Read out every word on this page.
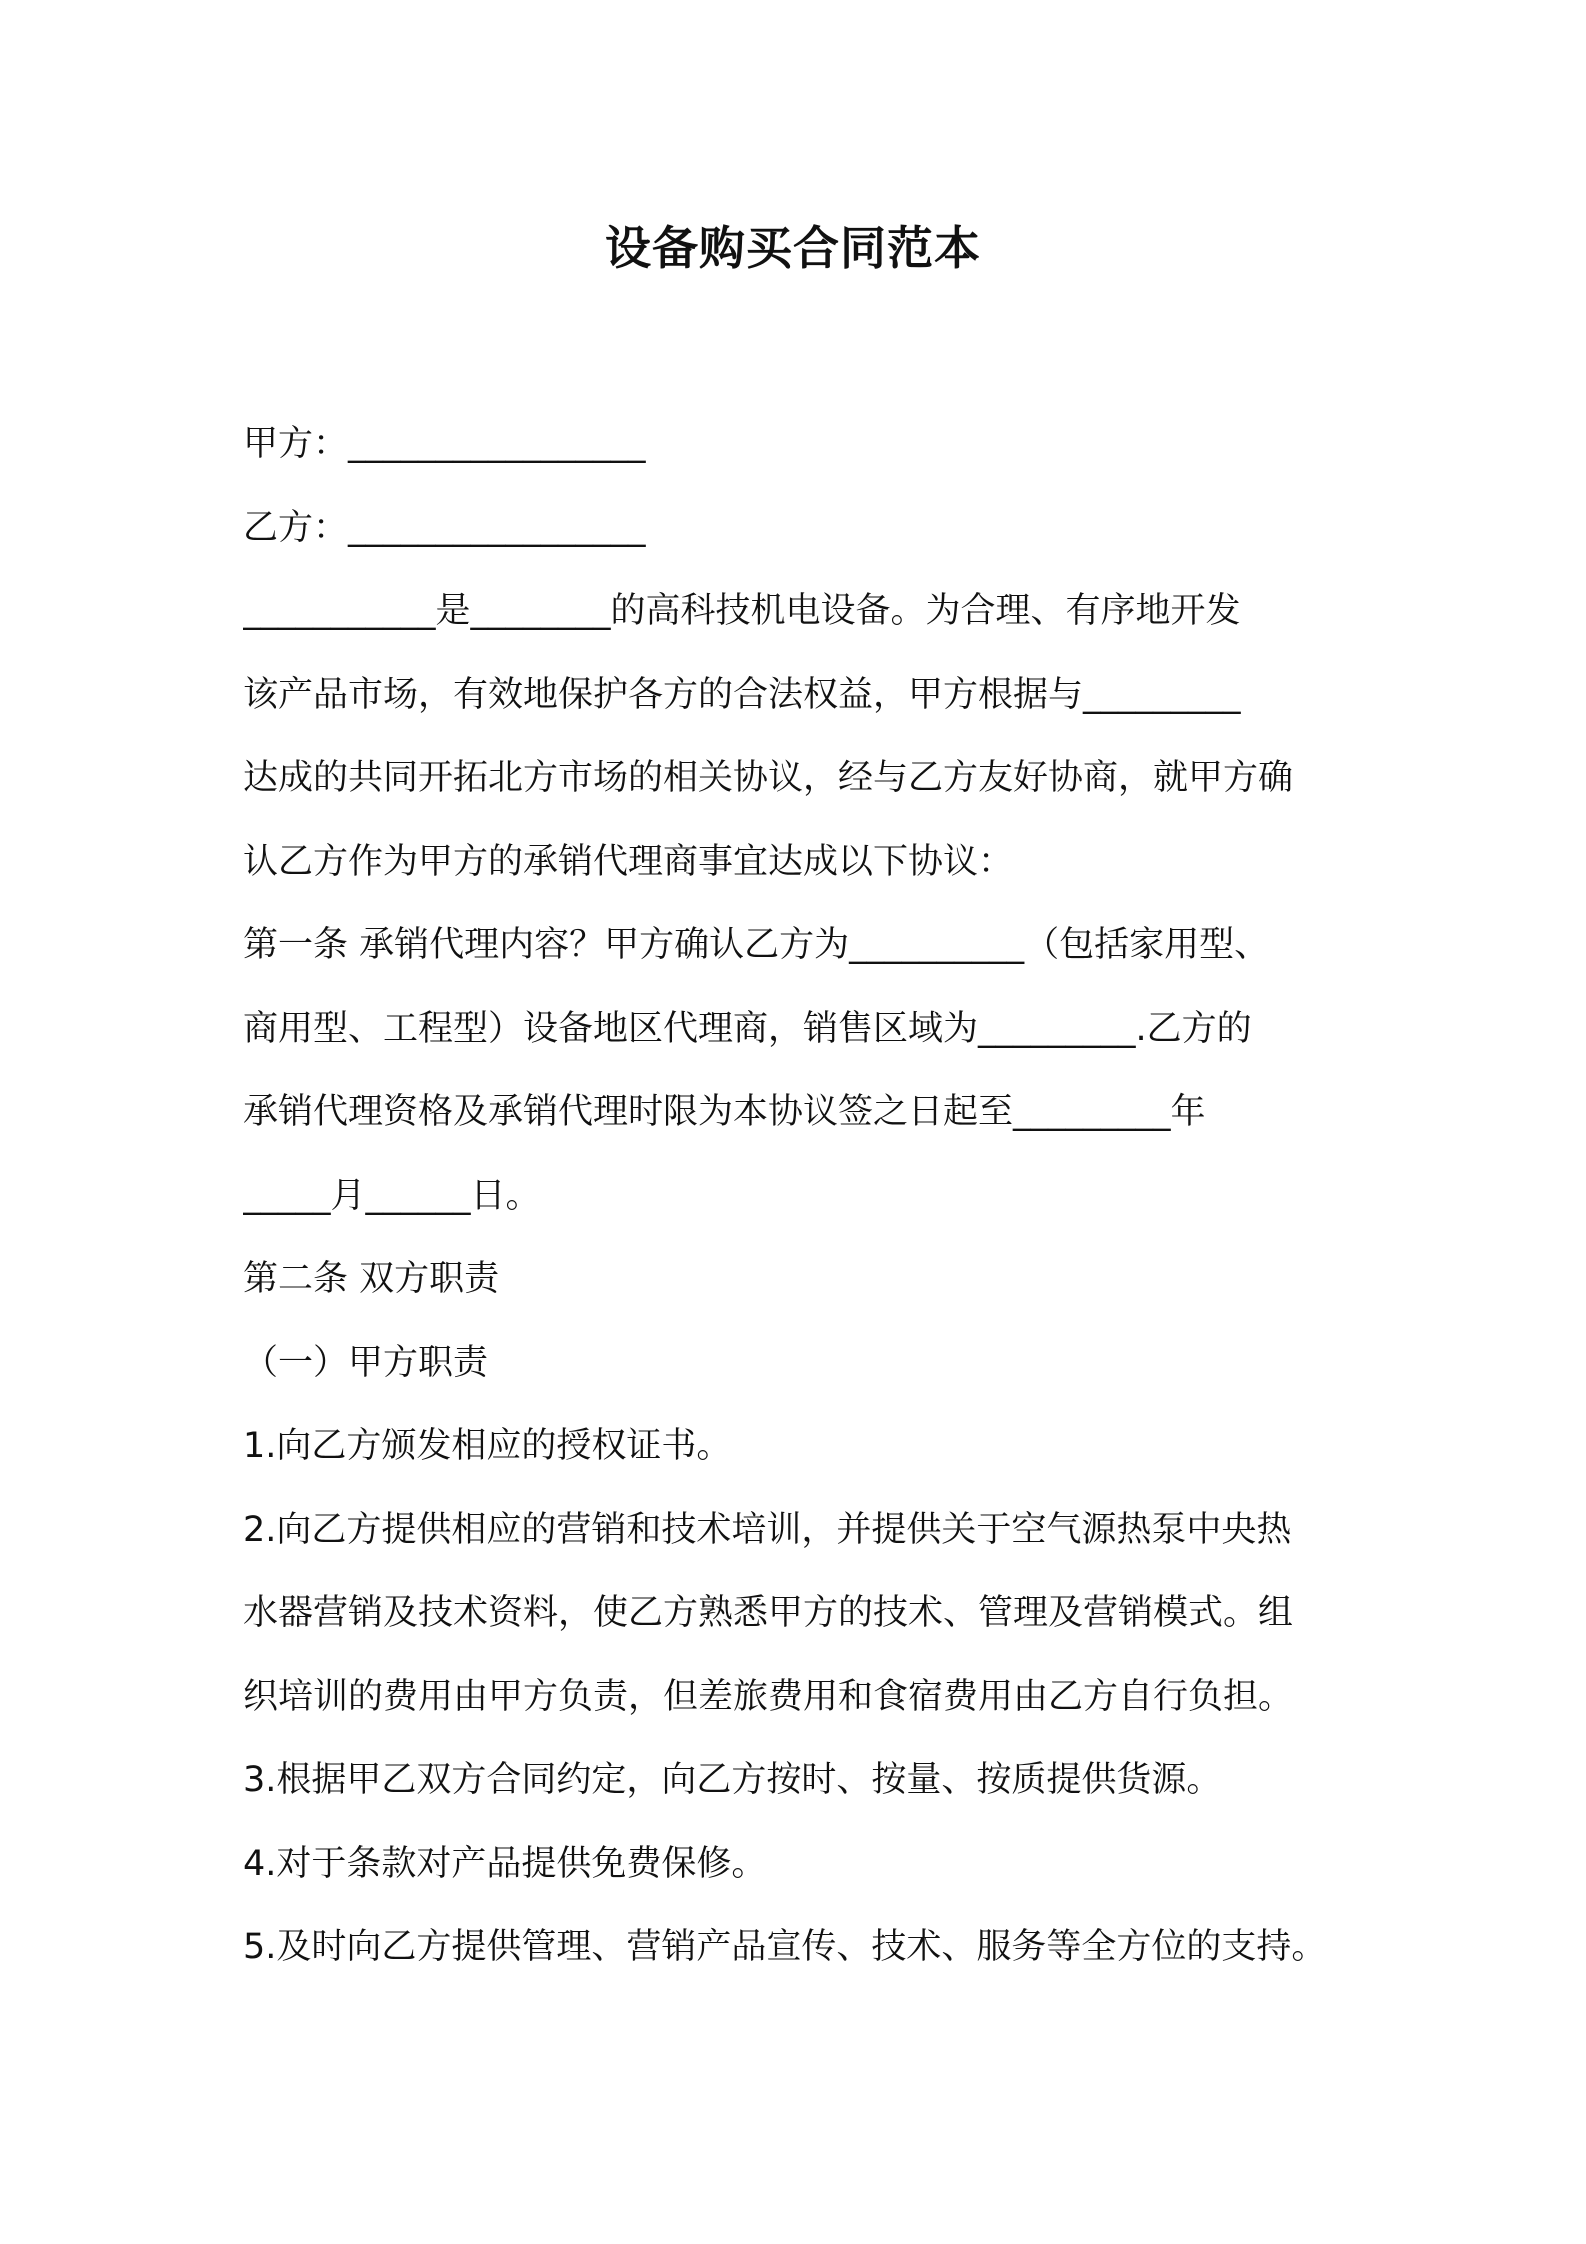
设备购买合同范本
甲方：_________________
乙方：_________________
___________是________的高科技机电设备。为合理、有序地开发
该产品市场，有效地保护各方的合法权益，甲方根据与_________
达成的共同开拓北方市场的相关协议，经与乙方友好协商，就甲方确
认乙方作为甲方的承销代理商事宜达成以下协议：
第一条 承销代理内容？甲方确认乙方为__________（包括家用型、
商用型、工程型）设备地区代理商，销售区域为_________.乙方的
承销代理资格及承销代理时限为本协议签之日起至_________年
_____月______日。
第二条 双方职责
（一）甲方职责
1.向乙方颁发相应的授权证书。
2.向乙方提供相应的营销和技术培训，并提供关于空气源热泵中央热
水器营销及技术资料，使乙方熟悉甲方的技术、管理及营销模式。组
织培训的费用由甲方负责，但差旅费用和食宿费用由乙方自行负担。
3.根据甲乙双方合同约定，向乙方按时、按量、按质提供货源。
4.对于条款对产品提供免费保修。
5.及时向乙方提供管理、营销产品宣传、技术、服务等全方位的支持。
